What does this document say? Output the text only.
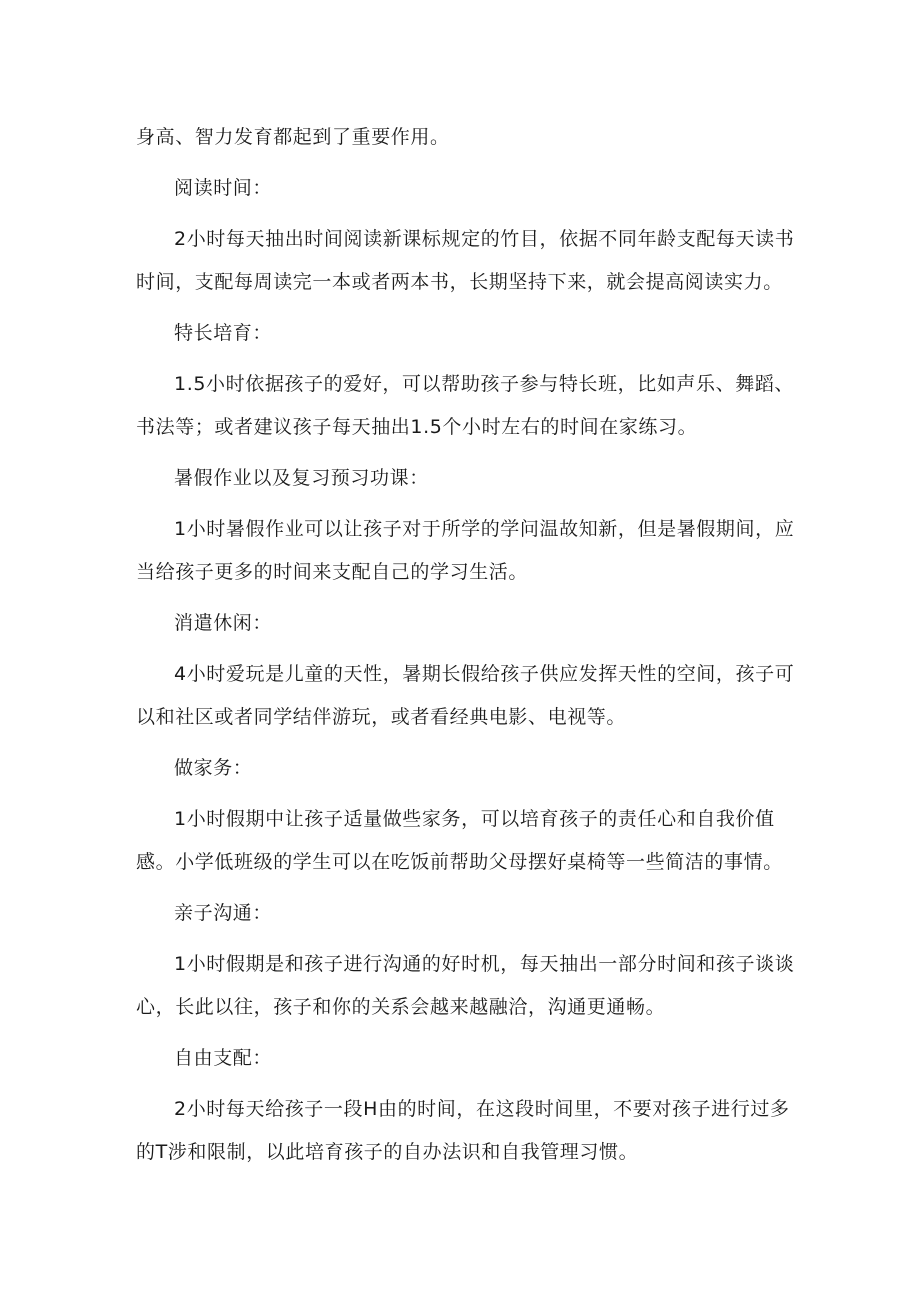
身高、智力发育都起到了重要作用。

阅读时间：

2小时每天抽出时间阅读新课标规定的竹目，依据不同年龄支配每天读书时间，支配每周读完一本或者两本书，长期坚持下来，就会提高阅读实力。

特长培育：

1.5小时依据孩子的爱好，可以帮助孩子参与特长班，比如声乐、舞蹈、书法等；或者建议孩子每天抽出1.5个小时左右的时间在家练习。

暑假作业以及复习预习功课：

1小时暑假作业可以让孩子对于所学的学问温故知新，但是暑假期间，应当给孩子更多的时间来支配自己的学习生活。

消遣休闲：

4小时爱玩是儿童的天性，暑期长假给孩子供应发挥天性的空间，孩子可以和社区或者同学结伴游玩，或者看经典电影、电视等。

做家务：

1小时假期中让孩子适量做些家务，可以培育孩子的责任心和自我价值感。小学低班级的学生可以在吃饭前帮助父母摆好桌椅等一些简洁的事情。

亲子沟通：

1小时假期是和孩子进行沟通的好时机，每天抽出一部分时间和孩子谈谈心，长此以往，孩子和你的关系会越来越融洽，沟通更通畅。

自由支配：

2小时每天给孩子一段H由的时间，在这段时间里，不要对孩子进行过多的T涉和限制，以此培育孩子的自办法识和自我管理习惯。
